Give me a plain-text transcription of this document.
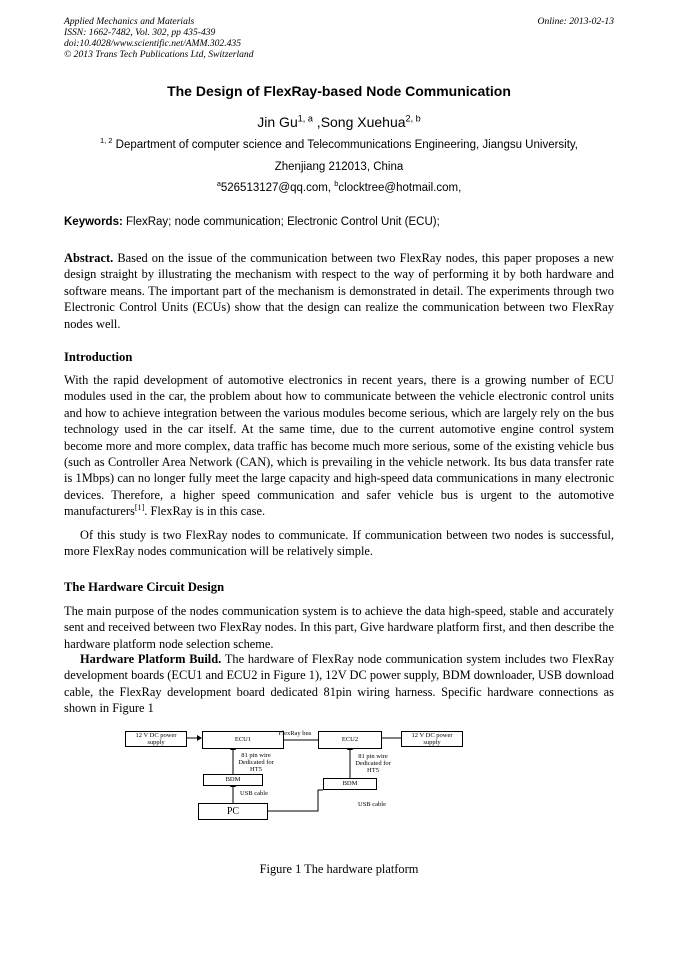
Applied Mechanics and Materials
ISSN: 1662-7482, Vol. 302, pp 435-439
doi:10.4028/www.scientific.net/AMM.302.435
© 2013 Trans Tech Publications Ltd, Switzerland
Online: 2013-02-13
The Design of FlexRay-based Node Communication
Jin Gu$^{1, a}$ ,Song Xuehua$^{2, b}$
$^{1, 2}$ Department of computer science and Telecommunications Engineering, Jiangsu University,
Zhenjiang 212013, China
$^a$526513127@qq.com, $^b$clocktree@hotmail.com,
Keywords: FlexRay; node communication; Electronic Control Unit (ECU);
Abstract. Based on the issue of the communication between two FlexRay nodes, this paper proposes a new design straight by illustrating the mechanism with respect to the way of performing it by both hardware and software means. The important part of the mechanism is demonstrated in detail. The experiments through two Electronic Control Units (ECUs) show that the design can realize the communication between two FlexRay nodes well.
Introduction
With the rapid development of automotive electronics in recent years, there is a growing number of ECU modules used in the car, the problem about how to communicate between the vehicle electronic control units and how to achieve integration between the various modules become serious, which are largely rely on the bus technology used in the car itself. At the same time, due to the current automotive engine control system become more and more complex, data traffic has become much more serious, some of the existing vehicle bus (such as Controller Area Network (CAN), which is prevailing in the vehicle network. Its bus data transfer rate is 1Mbps) can no longer fully meet the large capacity and high-speed data communications in many electronic devices. Therefore, a higher speed communication and safer vehicle bus is urgent to the automotive manufacturers[1]. FlexRay is in this case.
Of this study is two FlexRay nodes to communicate. If communication between two nodes is successful, more FlexRay nodes communication will be relatively simple.
The Hardware Circuit Design
The main purpose of the nodes communication system is to achieve the data high-speed, stable and accurately sent and received between two FlexRay nodes. In this part, Give hardware platform first, and then describe the hardware platform node selection scheme.
Hardware Platform Build. The hardware of FlexRay node communication system includes two FlexRay development boards (ECU1 and ECU2 in Figure 1), 12V DC power supply, BDM downloader, USB download cable, the FlexRay development board dedicated 81pin wiring harness. Specific hardware connections as shown in Figure 1
12 V DC power supply	ECU1
FlexRay bus
ECU2
12 V DC power supply
81 pin wire Dedicated for HT5
81 pin wire Dedicated for HT5
BDM
BDM
USB cable
USB cable
PC
Figure 1 The hardware platform
